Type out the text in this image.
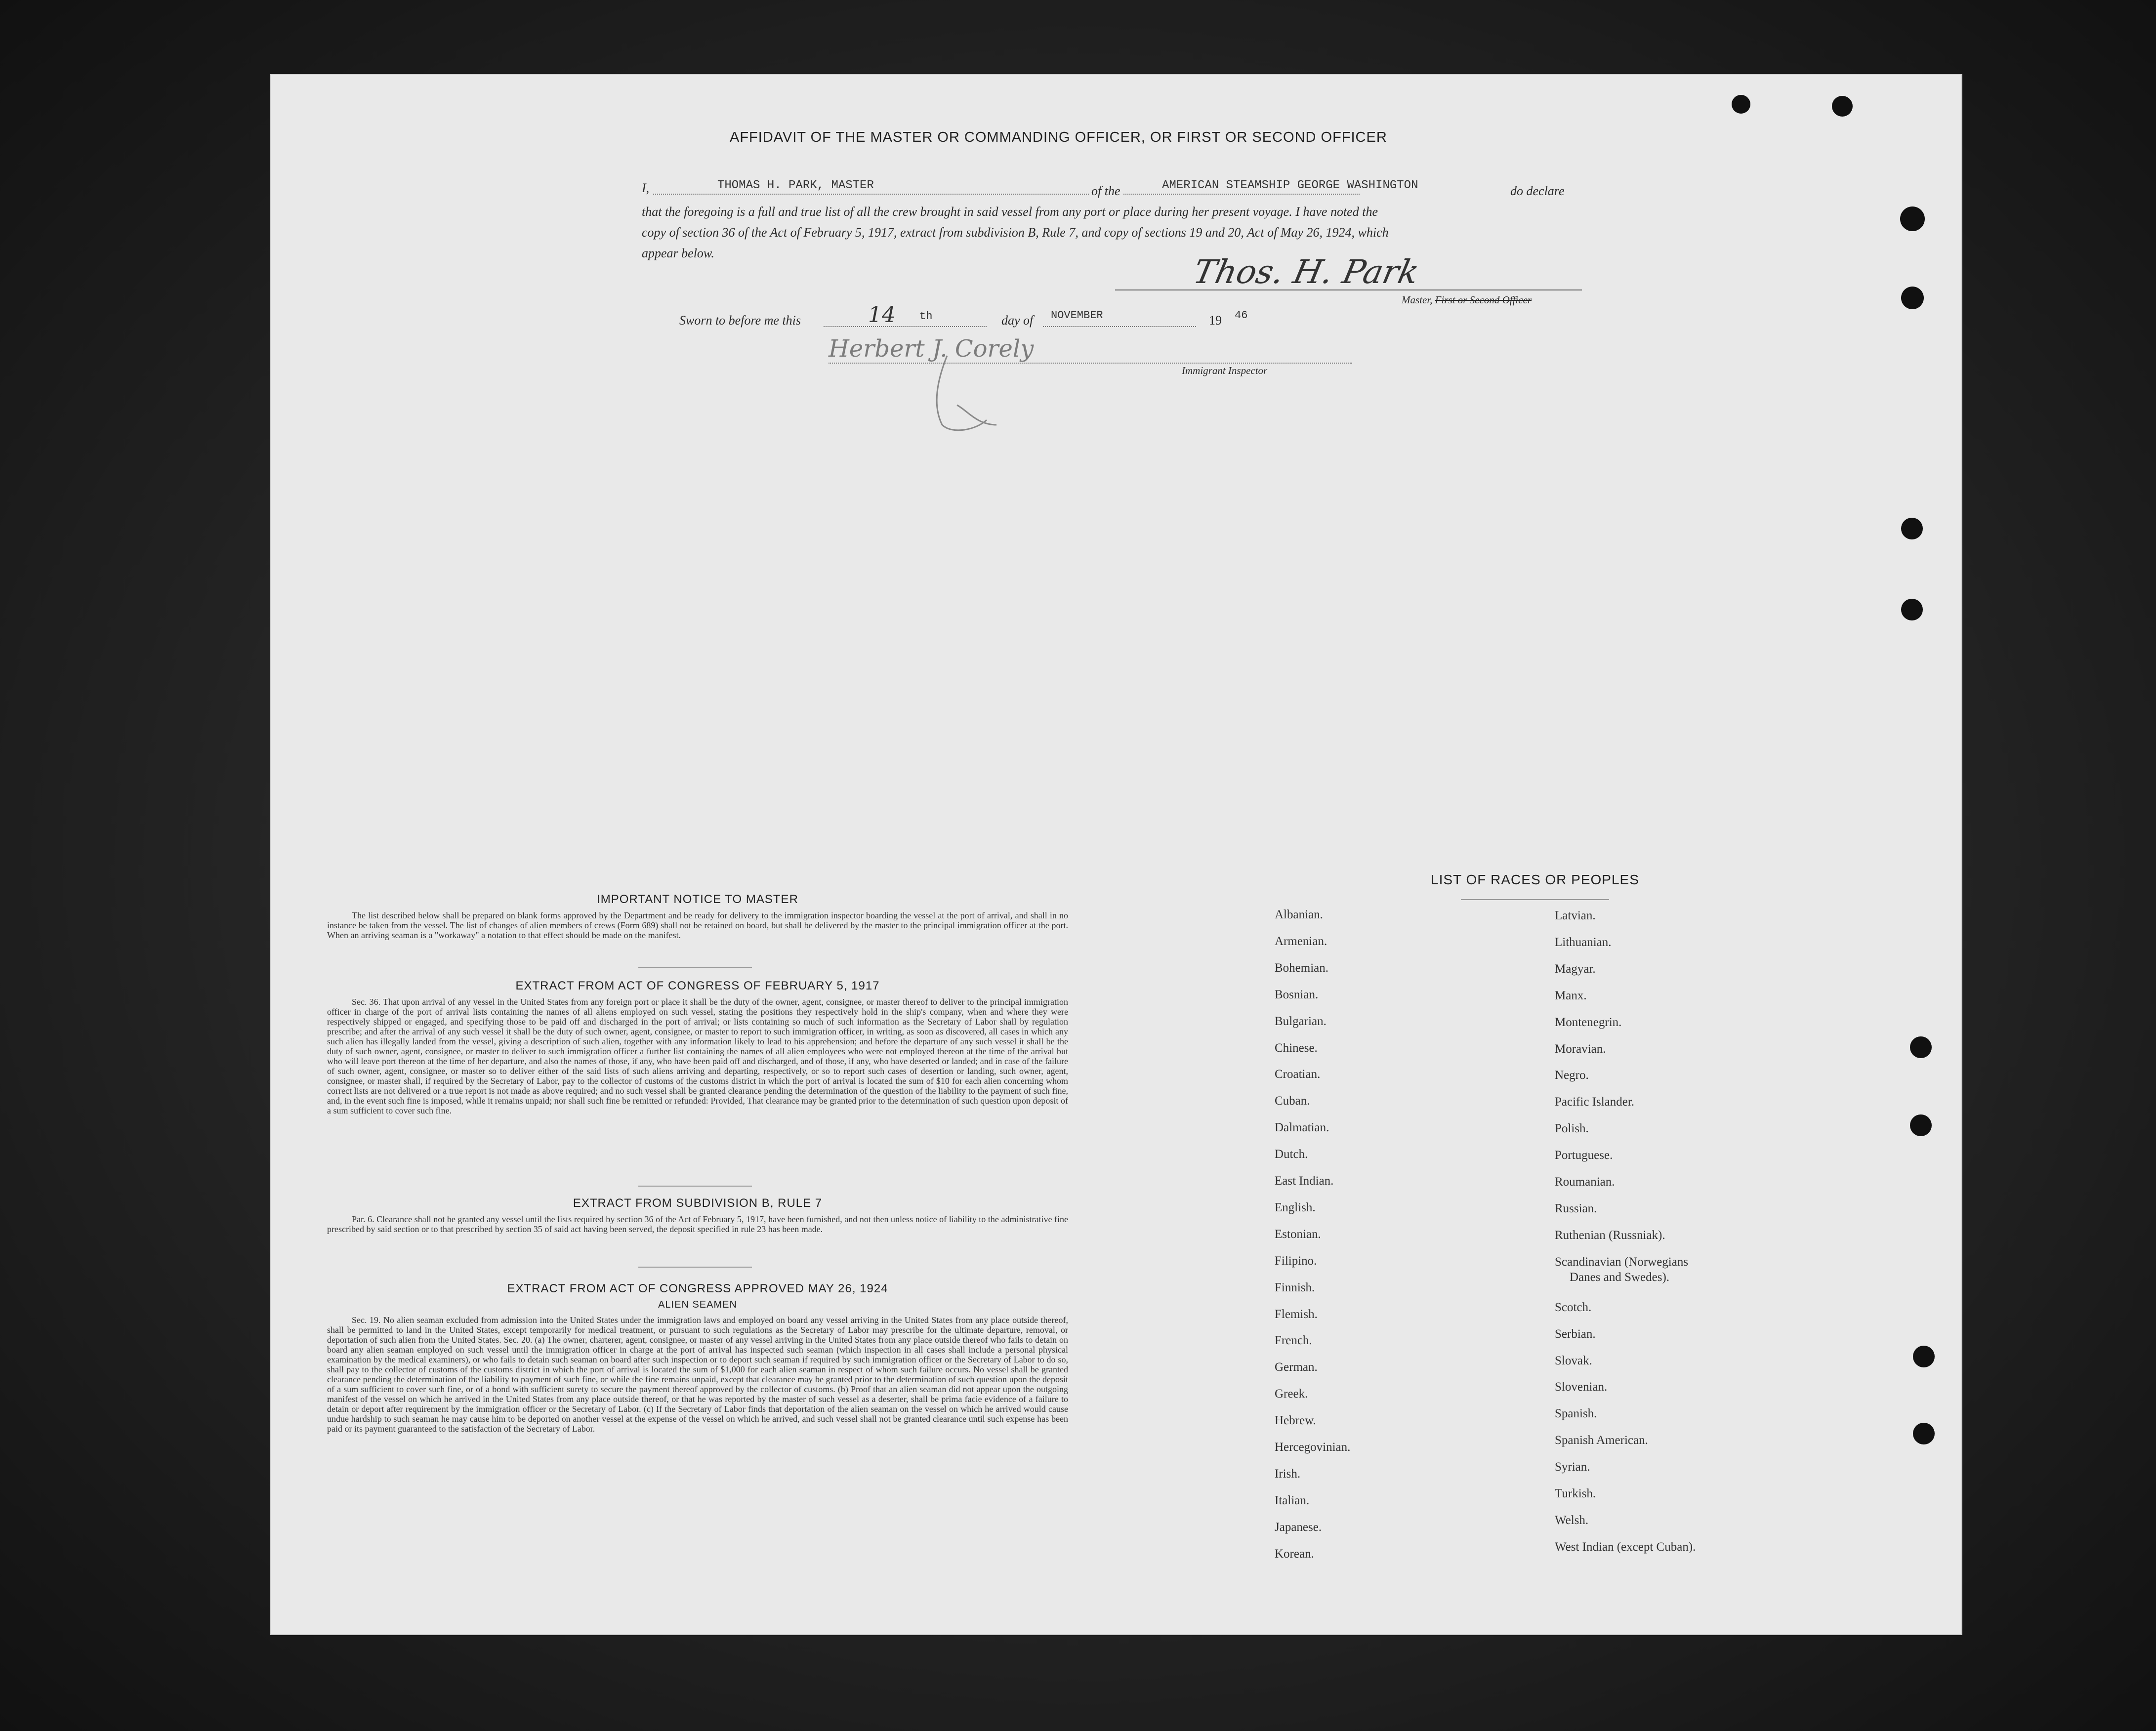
AFFIDAVIT OF THE MASTER OR COMMANDING OFFICER, OR FIRST OR SECOND OFFICER
I,	THOMAS H. PARK, MASTER	of the	AMERICAN STEAMSHIP GEORGE WASHINGTON	do declare
that the foregoing is a full and true list of all the crew brought in said vessel from any port or place during her present voyage. I have noted the
copy of section 36 of the Act of February 5, 1917, extract from subdivision B, Rule 7, and copy of sections 19 and 20, Act of May 26, 1924, which
appear below.	Thos. H. Park
Master, First or Second Officer
Sworn to before me this	14 th	day of NOVEMBER	19 46
Herbert J. Corely
Immigrant Inspector
IMPORTANT NOTICE TO MASTER
The list described below shall be prepared on blank forms approved by the Department and be ready for delivery to the immigration inspector boarding the vessel at the port of arrival, and shall in no instance be taken from the vessel. The list of changes of alien members of crews (Form 689) shall not be retained on board, but shall be delivered by the master to the principal immigration officer at the port. When an arriving seaman is a "workaway" a notation to that effect should be made on the manifest.
EXTRACT FROM ACT OF CONGRESS OF FEBRUARY 5, 1917
Sec. 36. That upon arrival of any vessel in the United States from any foreign port or place it shall be the duty of the owner, agent, consignee, or master thereof to deliver to the principal immigration officer in charge of the port of arrival lists containing the names of all aliens employed on such vessel, stating the positions they respectively hold in the ship's company, when and where they were respectively shipped or engaged, and specifying those to be paid off and discharged in the port of arrival; or lists containing so much of such information as the Secretary of Labor shall by regulation prescribe; and after the arrival of any such vessel it shall be the duty of such owner, agent, consignee, or master to report to such immigration officer, in writing, as soon as discovered, all cases in which any such alien has illegally landed from the vessel, giving a description of such alien, together with any information likely to lead to his apprehension; and before the departure of any such vessel it shall be the duty of such owner, agent, consignee, or master to deliver to such immigration officer a further list containing the names of all alien employees who were not employed thereon at the time of the arrival but who will leave port thereon at the time of her departure, and also the names of those, if any, who have been paid off and discharged, and of those, if any, who have deserted or landed; and in case of the failure of such owner, agent, consignee, or master so to deliver either of the said lists of such aliens arriving and departing, respectively, or so to report such cases of desertion or landing, such owner, agent, consignee, or master shall, if required by the Secretary of Labor, pay to the collector of customs of the customs district in which the port of arrival is located the sum of $10 for each alien concerning whom correct lists are not delivered or a true report is not made as above required; and no such vessel shall be granted clearance pending the determination of the question of the liability to the payment of such fine, and, in the event such fine is imposed, while it remains unpaid; nor shall such fine be remitted or refunded: Provided, That clearance may be granted prior to the determination of such question upon deposit of a sum sufficient to cover such fine.
EXTRACT FROM SUBDIVISION B, RULE 7
Par. 6. Clearance shall not be granted any vessel until the lists required by section 36 of the Act of February 5, 1917, have been furnished, and not then unless notice of liability to the administrative fine prescribed by said section or to that prescribed by section 35 of said act having been served, the deposit specified in rule 23 has been made.
EXTRACT FROM ACT OF CONGRESS APPROVED MAY 26, 1924
ALIEN SEAMEN
Sec. 19. No alien seaman excluded from admission into the United States under the immigration laws and employed on board any vessel arriving in the United States from any place outside thereof, shall be permitted to land in the United States, except temporarily for medical treatment, or pursuant to such regulations as the Secretary of Labor may prescribe for the ultimate departure, removal, or deportation of such alien from the United States. Sec. 20. (a) The owner, charterer, agent, consignee, or master of any vessel arriving in the United States from any place outside thereof who fails to detain on board any alien seaman employed on such vessel until the immigration officer in charge at the port of arrival has inspected such seaman (which inspection in all cases shall include a personal physical examination by the medical examiners), or who fails to detain such seaman on board after such inspection or to deport such seaman if required by such immigration officer or the Secretary of Labor to do so, shall pay to the collector of customs of the customs district in which the port of arrival is located the sum of $1,000 for each alien seaman in respect of whom such failure occurs. No vessel shall be granted clearance pending the determination of the liability to payment of such fine, or while the fine remains unpaid, except that clearance may be granted prior to the determination of such question upon the deposit of a sum sufficient to cover such fine, or of a bond with sufficient surety to secure the payment thereof approved by the collector of customs. (b) Proof that an alien seaman did not appear upon the outgoing manifest of the vessel on which he arrived in the United States from any place outside thereof, or that he was reported by the master of such vessel as a deserter, shall be prima facie evidence of a failure to detain or deport after requirement by the immigration officer or the Secretary of Labor. (c) If the Secretary of Labor finds that deportation of the alien seaman on the vessel on which he arrived would cause undue hardship to such seaman he may cause him to be deported on another vessel at the expense of the vessel on which he arrived, and such vessel shall not be granted clearance until such expense has been paid or its payment guaranteed to the satisfaction of the Secretary of Labor.
LIST OF RACES OR PEOPLES
Albanian.
Armenian.
Bohemian.
Bosnian.
Bulgarian.
Chinese.
Croatian.
Cuban.
Dalmatian.
Dutch.
East Indian.
English.
Estonian.
Filipino.
Finnish.
Flemish.
French.
German.
Greek.
Hebrew.
Hercegovinian.
Irish.
Italian.
Japanese.
Korean.
Latvian.
Lithuanian.
Magyar.
Manx.
Montenegrin.
Moravian.
Negro.
Pacific Islander.
Polish.
Portuguese.
Roumanian.
Russian.
Ruthenian (Russniak).
Scandinavian (Norwegians
Danes and Swedes).
Scotch.
Serbian.
Slovak.
Slovenian.
Spanish.
Spanish American.
Syrian.
Turkish.
Welsh.
West Indian (except Cuban).
